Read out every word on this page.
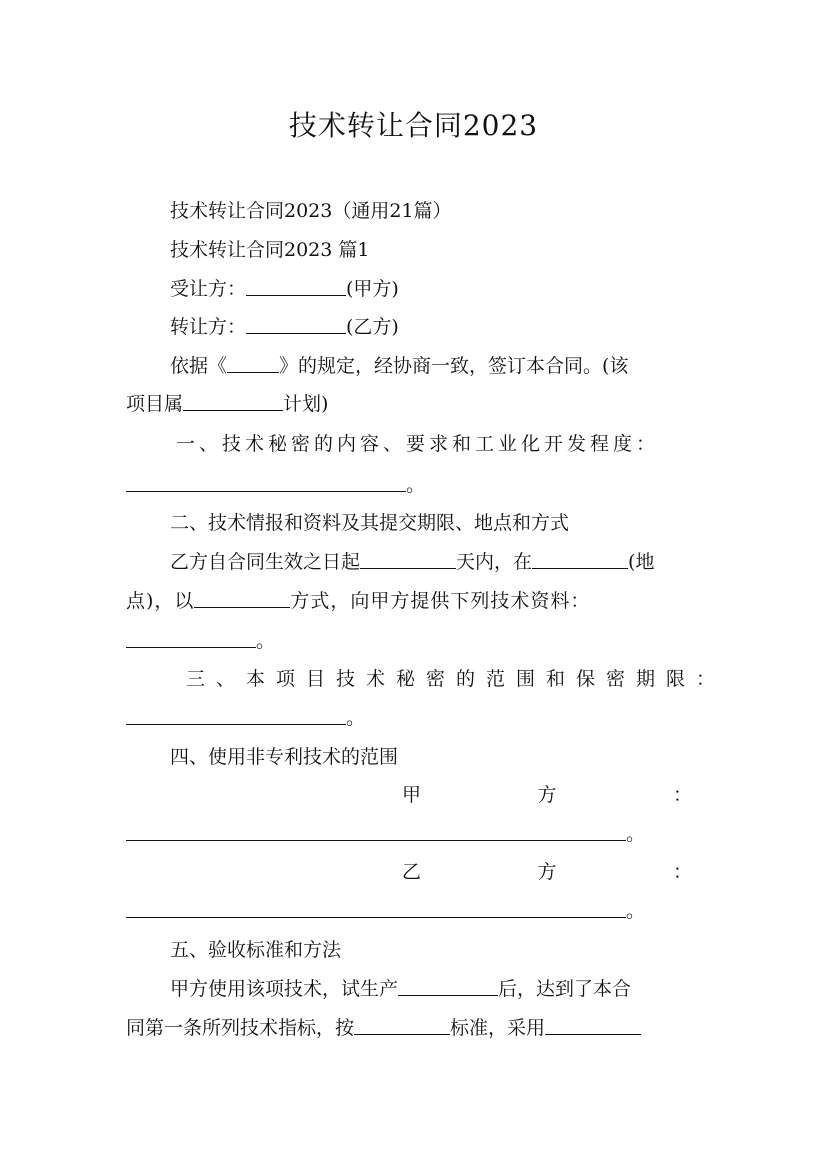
技术转让合同2023
技术转让合同2023（通用21篇）
技术转让合同2023 篇1
受让方：	(甲方)
转让方：	(乙方)
依据《	》的规定，经协商一致，签订本合同。(该
项目属	计划)
一、技术秘密的内容、要求和工业化开发程度：
。
二、技术情报和资料及其提交期限、地点和方式
乙方自合同生效之日起	天内，在	(地
点)，以	方式，向甲方提供下列技术资料：
。
三、本项目技术秘密的范围和保密期限：
。
四、使用非专利技术的范围
甲	方	：
。
乙	方	：
。
五、验收标准和方法
甲方使用该项技术，试生产	后，达到了本合
同第一条所列技术指标，按	标准，采用
